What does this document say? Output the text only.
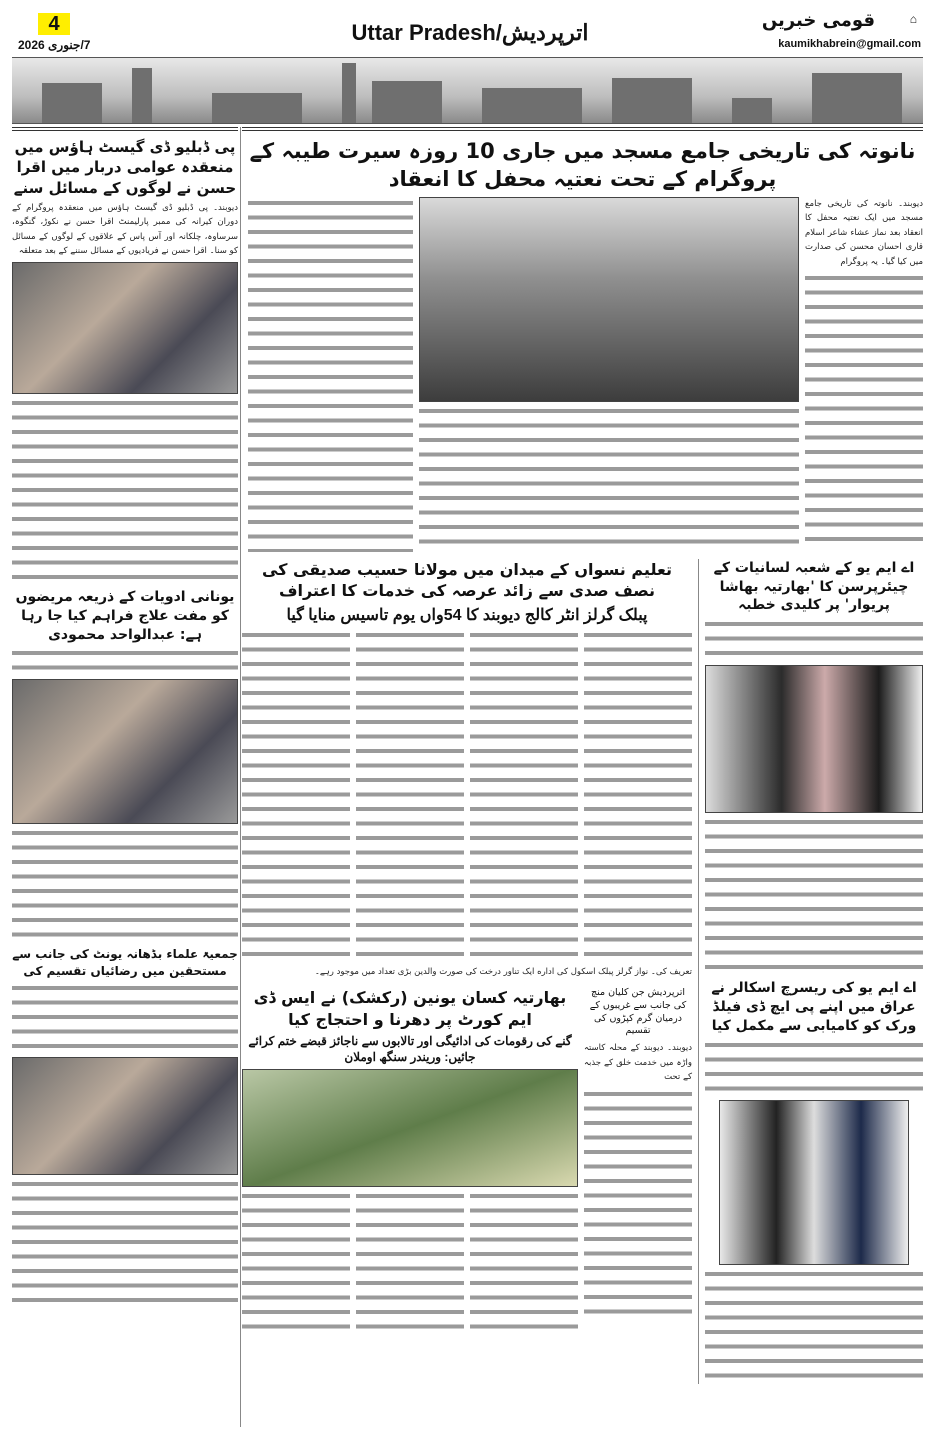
4
7/جنوری 2026	Uttar Pradesh/اترپردیش	قومی خبریں	⌂
kaumikhabrein@gmail.com
پی ڈبلیو ڈی گیسٹ ہاؤس میں منعقدہ عوامی دربار میں اقرا حسن نے لوگوں کے مسائل سنے
دیوبند۔ پی ڈبلیو ڈی گیسٹ ہاؤس میں منعقدہ پروگرام کے دوران کیرانہ کی ممبر پارلیمنٹ اقرا حسن نے نکوڑ، گنگوہ، سرساوہ، چلکانہ اور آس پاس کے علاقوں کے لوگوں کے مسائل کو سنا۔ اقرا حسن نے فریادیوں کے مسائل سننے کے بعد متعلقہ
یونانی ادویات کے ذریعہ مریضوں کو مفت علاج فراہم کیا جا رہا ہے: عبدالواحد محمودی
جمعیۃ علماء بڈھانہ یونٹ کی جانب سے مستحقین میں رضائیاں تقسیم کی
نانوتہ کی تاریخی جامع مسجد میں جاری 10 روزہ سیرت طیبہ کے پروگرام کے تحت نعتیہ محفل کا انعقاد
دیوبند۔ نانوتہ کی تاریخی جامع مسجد میں ایک نعتیہ محفل کا انعقاد بعد نماز عشاء شاعر اسلام قاری احسان محسن کی صدارت میں کیا گیا۔ یہ پروگرام
اے ایم یو کے شعبہ لسانیات کے چیئرپرسن کا 'بھارتیہ بھاشا پریوار' پر کلیدی خطبہ
اے ایم یو کی ریسرچ اسکالر نے عراق میں اپنے پی ایچ ڈی فیلڈ ورک کو کامیابی سے مکمل کیا
تعلیم نسواں کے میدان میں مولانا حسیب صدیقی کی نصف صدی سے زائد عرصہ کی خدمات کا اعتراف
پبلک گرلز انٹر کالج دیوبند کا 54واں یوم تاسیس منایا گیا
تعریف کی۔ نواز گرلز پبلک اسکول کی اداره ایک تناور درخت کی صورت والدین بڑی تعداد میں موجود رہے۔
اترپردیش جن کلیان منچ کی جانب سے غریبوں کے درمیان گرم کپڑوں کی تقسیم
دیوبند۔ دیوبند کے محلہ کاستہ واڑہ میں خدمت خلق کے جذبہ کے تحت
بھارتیہ کسان یونین (رکشک) نے ایس ڈی ایم کورٹ پر دھرنا و احتجاج کیا
گنے کی رقومات کی ادائیگی اور تالابوں سے ناجائز قبضے ختم کرائے جائیں: وریندر سنگھ اوملان
